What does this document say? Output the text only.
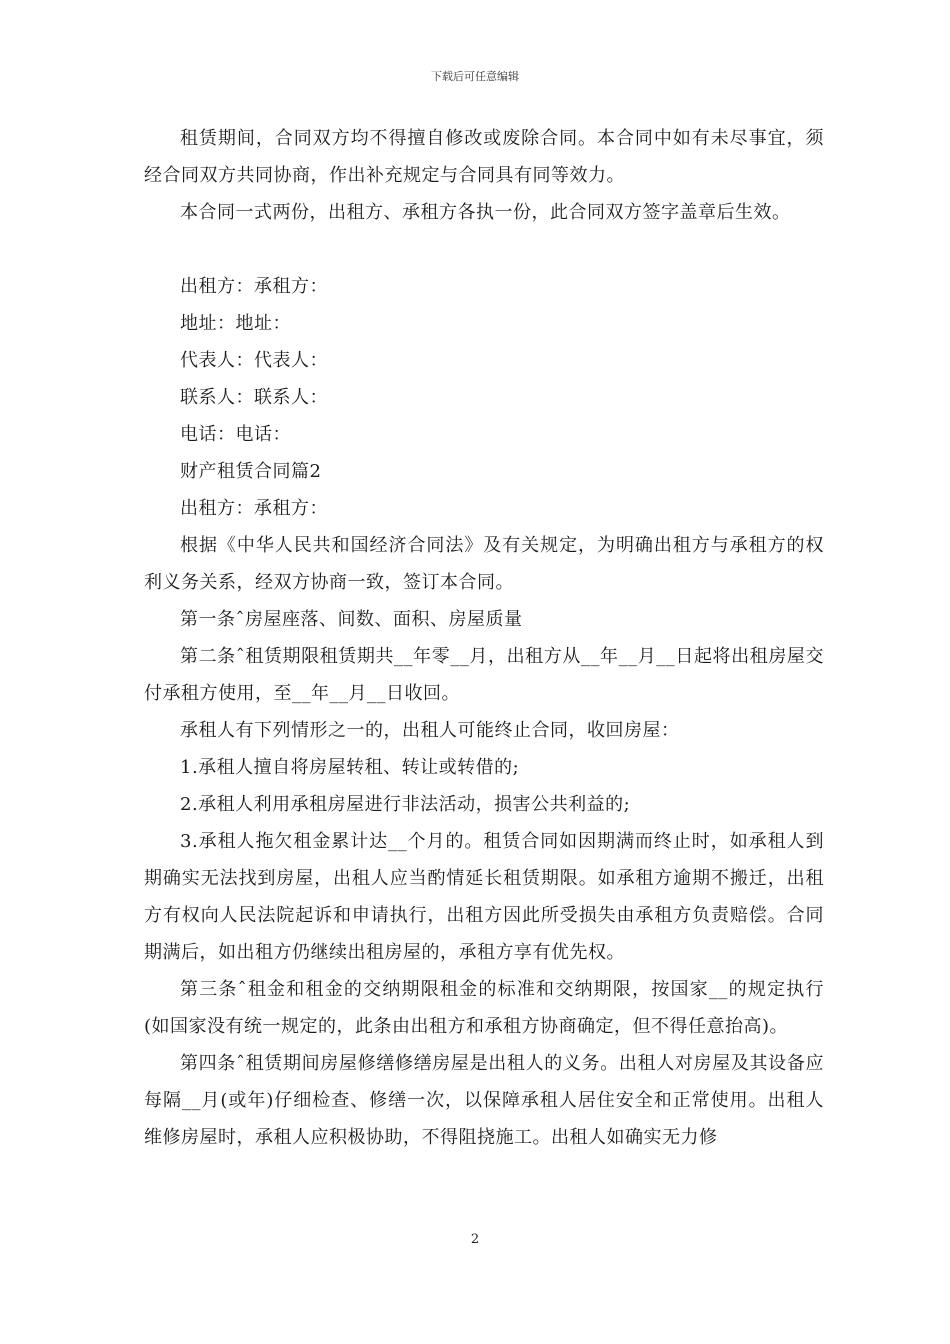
下载后可任意编辑

租赁期间，合同双方均不得擅自修改或废除合同。本合同中如有未尽事宜，须经合同双方共同协商，作出补充规定与合同具有同等效力。

本合同一式两份，出租方、承租方各执一份，此合同双方签字盖章后生效。

出租方：承租方：

地址：地址：

代表人：代表人：

联系人：联系人：

电话：电话：

财产租赁合同篇2

出租方：承租方：

根据《中华人民共和国经济合同法》及有关规定，为明确出租方与承租方的权利义务关系，经双方协商一致，签订本合同。

第一条ˆ房屋座落、间数、面积、房屋质量

第二条ˆ租赁期限租赁期共__年零__月，出租方从__年__月__日起将出租房屋交付承租方使用，至__年__月__日收回。

承租人有下列情形之一的，出租人可能终止合同，收回房屋：

1.承租人擅自将房屋转租、转让或转借的;

2.承租人利用承租房屋进行非法活动，损害公共利益的;

3.承租人拖欠租金累计达__个月的。租赁合同如因期满而终止时，如承租人到期确实无法找到房屋，出租人应当酌情延长租赁期限。如承租方逾期不搬迁，出租方有权向人民法院起诉和申请执行，出租方因此所受损失由承租方负责赔偿。合同期满后，如出租方仍继续出租房屋的，承租方享有优先权。

第三条ˆ租金和租金的交纳期限租金的标准和交纳期限，按国家__的规定执行(如国家没有统一规定的，此条由出租方和承租方协商确定，但不得任意抬高)。

第四条ˆ租赁期间房屋修缮修缮房屋是出租人的义务。出租人对房屋及其设备应每隔__月(或年)仔细检查、修缮一次，以保障承租人居住安全和正常使用。出租人维修房屋时，承租人应积极协助，不得阻挠施工。出租人如确实无力修

2
